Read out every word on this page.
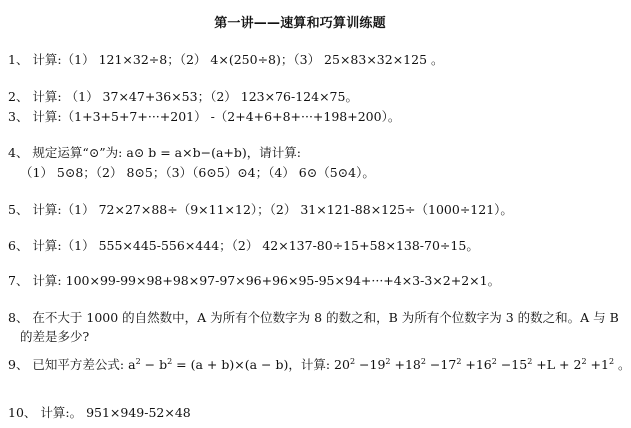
第一讲——速算和巧算训练题
1、 计算:（1） 121×32÷8；（2） 4×(250÷8)；（3） 25×83×32×125 。
2、 计算: （1） 37×47+36×53；（2） 123×76-124×75。
3、 计算:（1+3+5+7+···+201） -（2+4+6+8+···+198+200）。
4、 规定运算“⊙”为: a⊙ b = a×b−(a+b)，请计算:
（1） 5⊙8；（2） 8⊙5；（3）（6⊙5）⊙4；（4） 6⊙（5⊙4）。
5、 计算:（1） 72×27×88÷（9×11×12）；（2） 31×121-88×125÷（1000÷121）。
6、 计算:（1） 555×445-556×444；（2） 42×137-80÷15+58×138-70÷15。
7、 计算: 100×99-99×98+98×97-97×96+96×95-95×94+···+4×3-3×2+2×1。
8、 在不大于 1000 的自然数中，A 为所有个位数字为 8 的数之和，B 为所有个位数字为 3 的数之和。A 与 B
的差是多少?
9、 已知平方差公式: $a^2 - b^2 = (a + b)\times(a - b)$，计算: $20^2 -19^2 +18^2 -17^2 +16^2 -15^2 +L + 2^2 +1^2$ 。
10、 计算:。 951×949-52×48
